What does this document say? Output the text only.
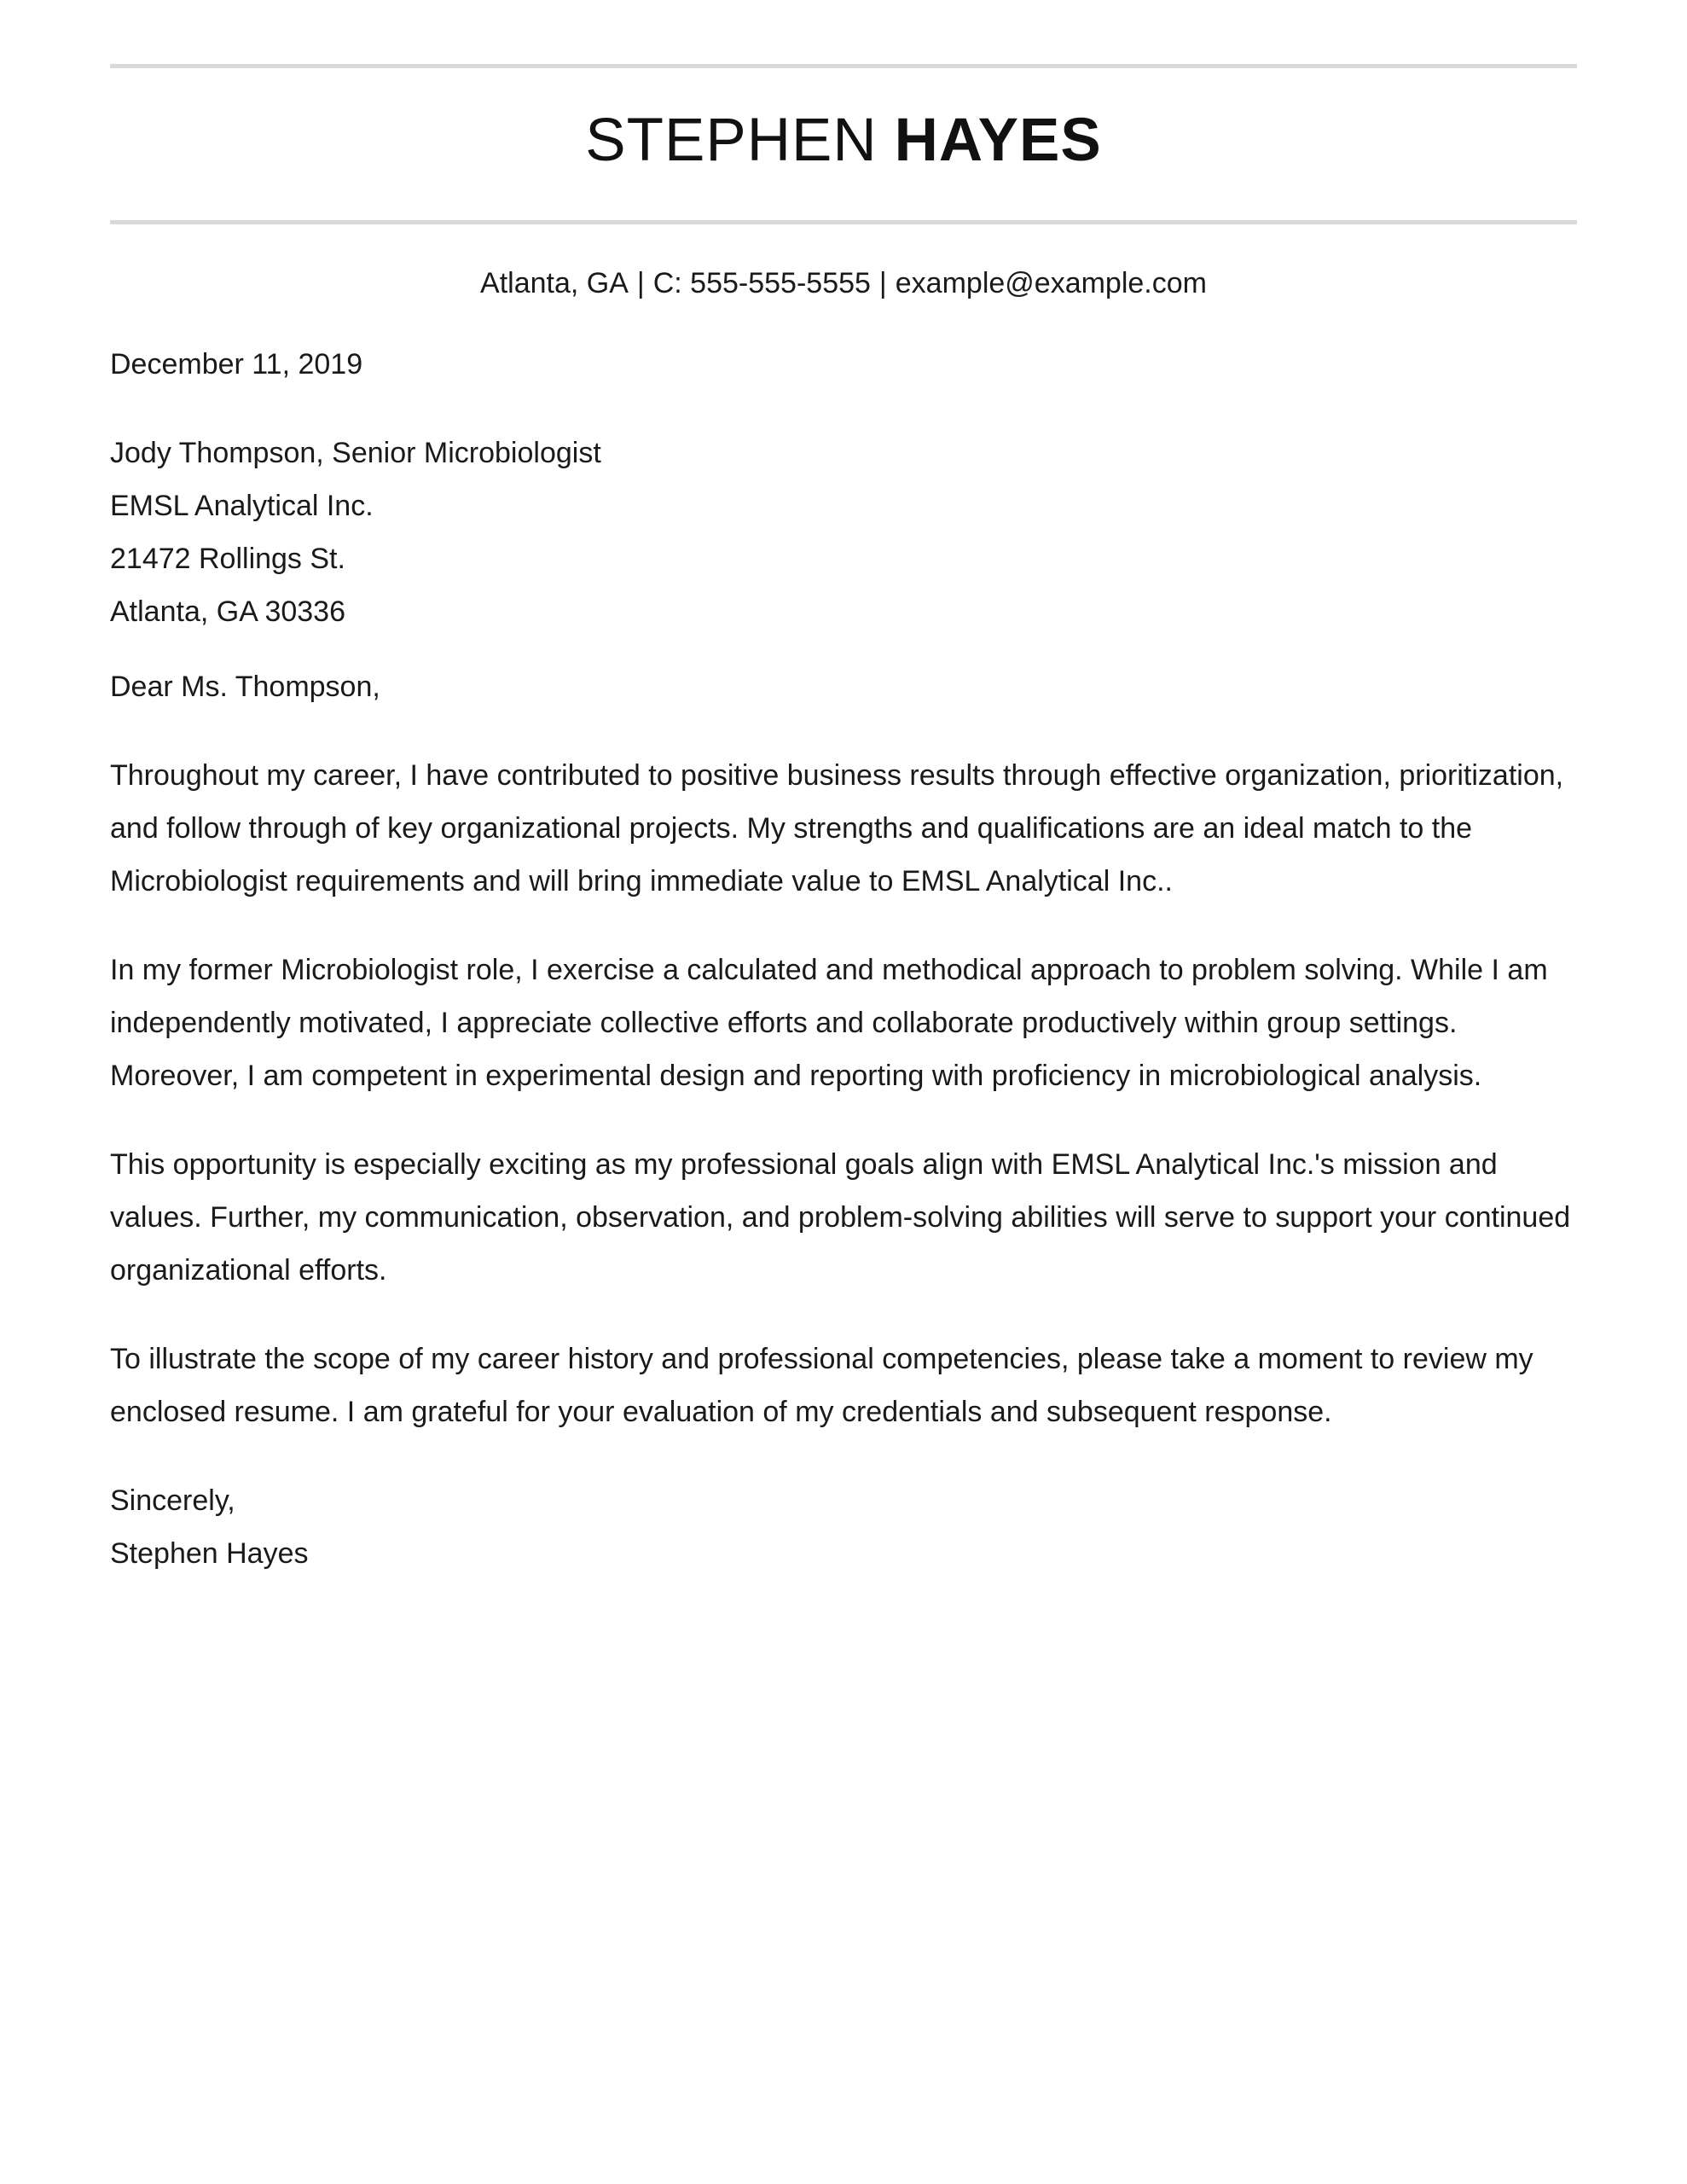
STEPHEN HAYES
Atlanta, GA | C: 555-555-5555 | example@example.com
December 11, 2019
Jody Thompson, Senior Microbiologist
EMSL Analytical Inc.
21472 Rollings St.
Atlanta, GA 30336
Dear Ms. Thompson,

Throughout my career, I have contributed to positive business results through effective organization, prioritization, and follow through of key organizational projects. My strengths and qualifications are an ideal match to the Microbiologist requirements and will bring immediate value to EMSL Analytical Inc..

In my former Microbiologist role, I exercise a calculated and methodical approach to problem solving. While I am independently motivated, I appreciate collective efforts and collaborate productively within group settings. Moreover, I am competent in experimental design and reporting with proficiency in microbiological analysis.

This opportunity is especially exciting as my professional goals align with EMSL Analytical Inc.'s mission and values. Further, my communication, observation, and problem-solving abilities will serve to support your continued organizational efforts.

To illustrate the scope of my career history and professional competencies, please take a moment to review my enclosed resume. I am grateful for your evaluation of my credentials and subsequent response.

Sincerely,
Stephen Hayes
